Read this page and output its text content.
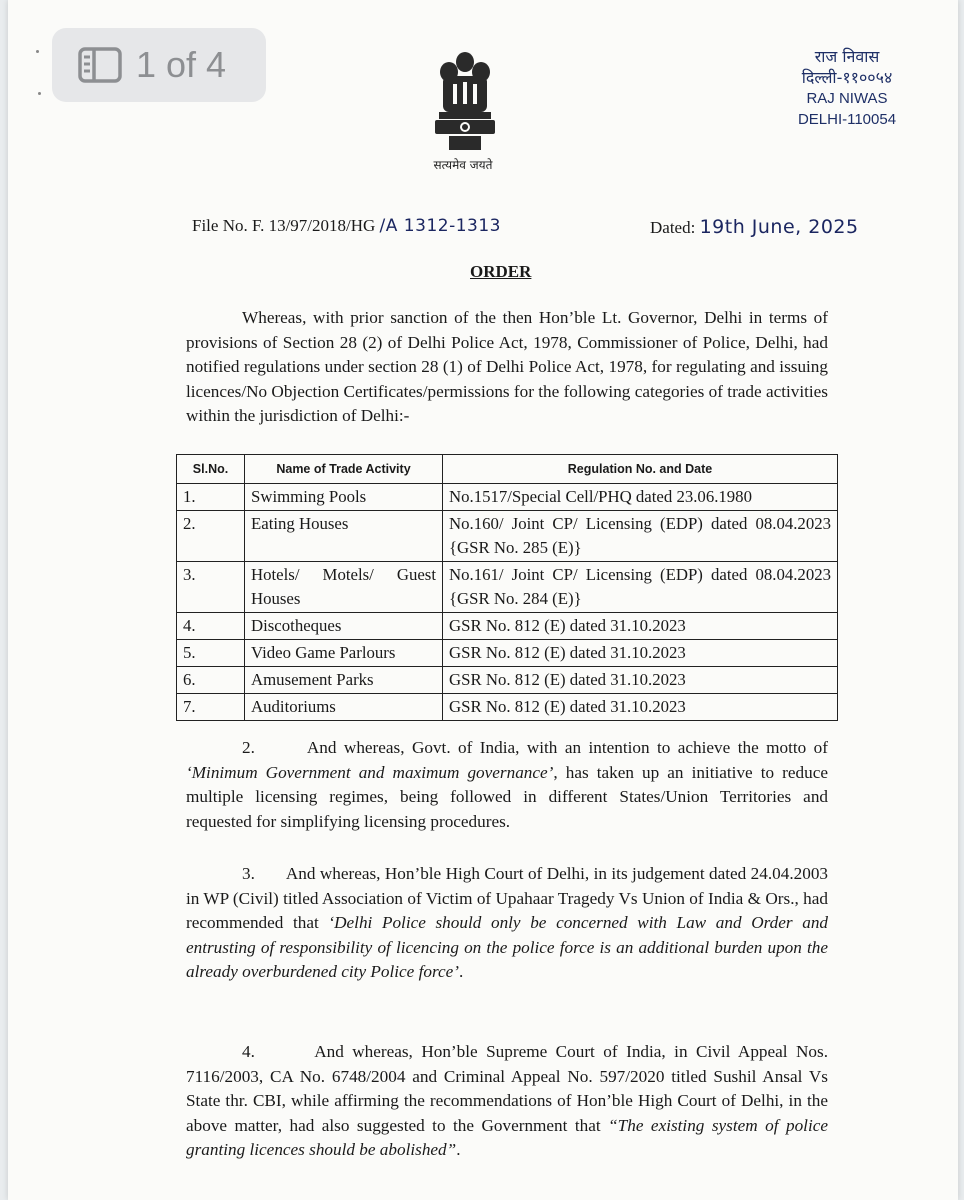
1 of 4
सत्यमेव जयते
राज निवास
दिल्ली-११००५४
RAJ NIWAS
DELHI-110054
File No. F. 13/97/2018/HG /A 1312-1313	Dated: 19th June, 2025
ORDER

Whereas, with prior sanction of the then Hon’ble Lt. Governor, Delhi in terms of provisions of Section 28 (2) of Delhi Police Act, 1978, Commissioner of Police, Delhi, had notified regulations under section 28 (1) of Delhi Police Act, 1978, for regulating and issuing licences/No Objection Certificates/permissions for the following categories of trade activities within the jurisdiction of Delhi:-

Sl.No.	Name of Trade Activity	Regulation No. and Date
1.	Swimming Pools	No.1517/Special Cell/PHQ dated 23.06.1980
2.	Eating Houses	No.160/ Joint CP/ Licensing (EDP) dated 08.04.2023 {GSR No. 285 (E)}
3.	Hotels/ Motels/ Guest Houses	No.161/ Joint CP/ Licensing (EDP) dated 08.04.2023 {GSR No. 284 (E)}
4.	Discotheques	GSR No. 812 (E) dated 31.10.2023
5.	Video Game Parlours	GSR No. 812 (E) dated 31.10.2023
6.	Amusement Parks	GSR No. 812 (E) dated 31.10.2023
7.	Auditoriums	GSR No. 812 (E) dated 31.10.2023

2.	And whereas, Govt. of India, with an intention to achieve the motto of ‘Minimum Government and maximum governance’, has taken up an initiative to reduce multiple licensing regimes, being followed in different States/Union Territories and requested for simplifying licensing procedures.

3. And whereas, Hon’ble High Court of Delhi, in its judgement dated 24.04.2003 in WP (Civil) titled Association of Victim of Upahaar Tragedy Vs Union of India & Ors., had recommended that ‘Delhi Police should only be concerned with Law and Order and entrusting of responsibility of licencing on the police force is an additional burden upon the already overburdened city Police force’.

4.	And whereas, Hon’ble Supreme Court of India, in Civil Appeal Nos. 7116/2003, CA No. 6748/2004 and Criminal Appeal No. 597/2020 titled Sushil Ansal Vs State thr. CBI, while affirming the recommendations of Hon’ble High Court of Delhi, in the above matter, had also suggested to the Government that “The existing system of police granting licences should be abolished”.
